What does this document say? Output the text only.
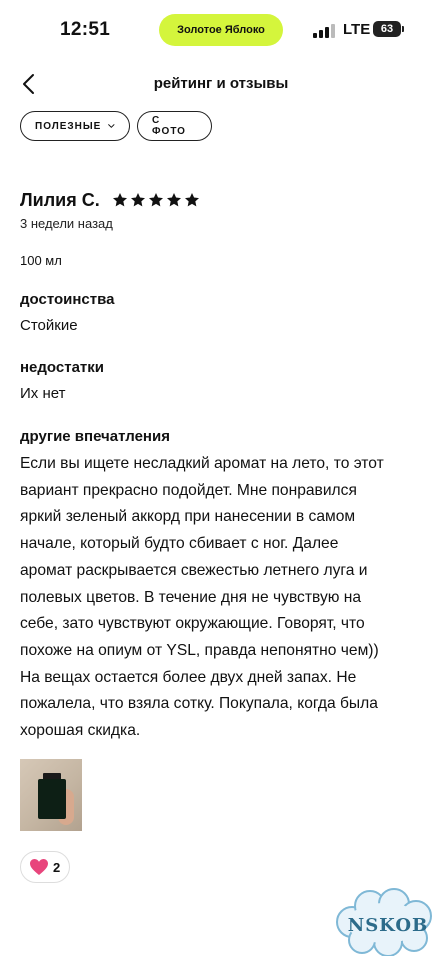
12:51	Золотое Яблоко	LTE 63
рейтинг и отзывы
ПОЛЕЗНЫЕ	С ФОТО
Лилия С.
3 недели назад
100 мл
достоинства
Стойкие
недостатки
Их нет
другие впечатления
Если вы ищете несладкий аромат на лето, то этот
вариант прекрасно подойдет. Мне понравился
яркий зеленый аккорд при нанесении в самом
начале, который будто сбивает с ног. Далее
аромат раскрывается свежестью летнего луга и
полевых цветов. В течение дня не чувствую на
себе, зато чувствуют окружающие. Говорят, что
похоже на опиум от YSL, правда непонятно чем))
На вещах остается более двух дней запах. Не
пожалела, что взяла сотку. Покупала, когда была
хорошая скидка.
2
NSKOB
